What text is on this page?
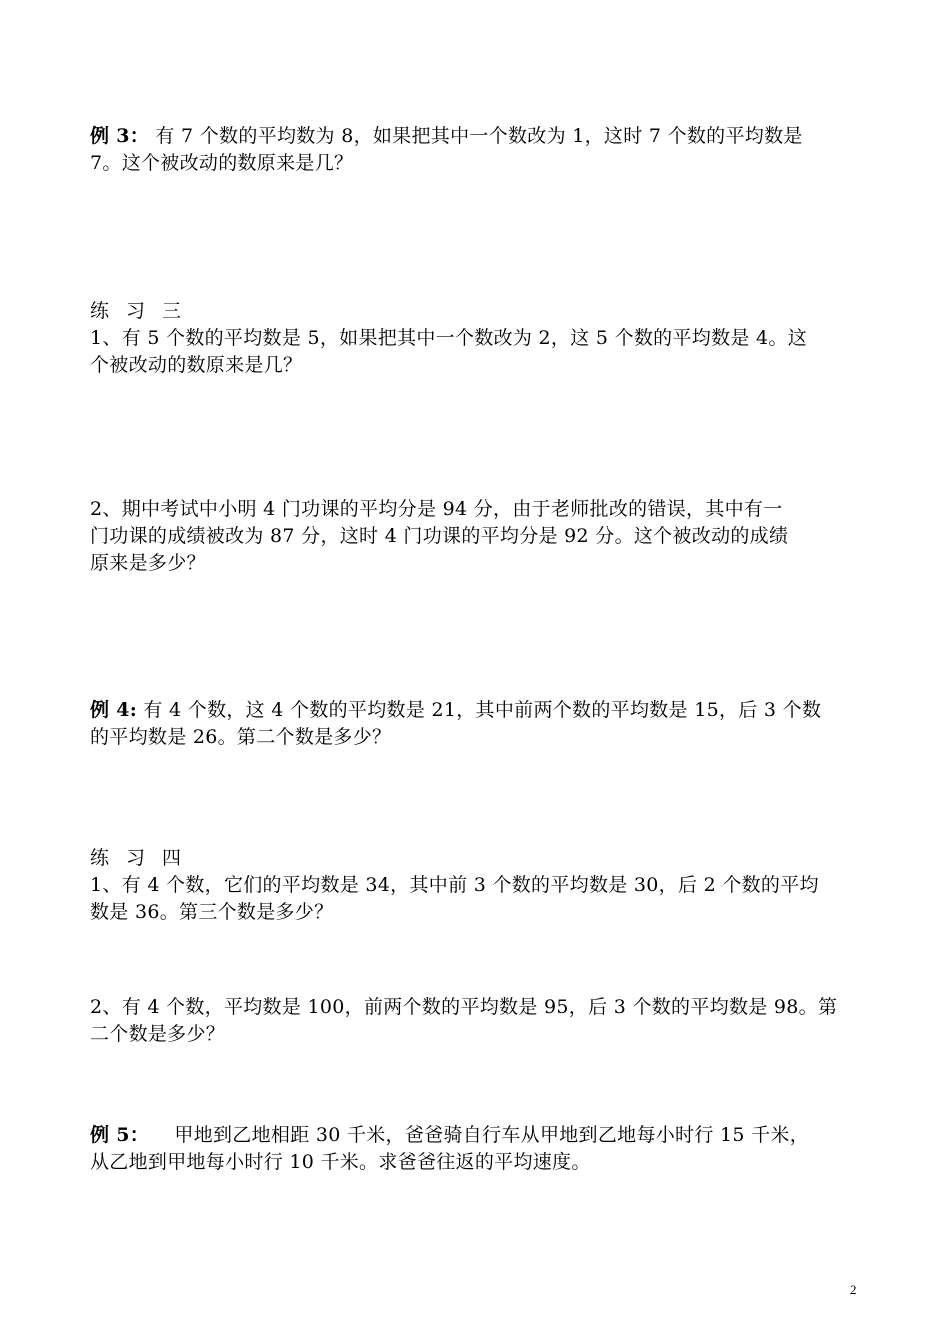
例 3： 有 7 个数的平均数为 8，如果把其中一个数改为 1，这时 7 个数的平均数是
7。这个被改动的数原来是几？
练习三
1、有 5 个数的平均数是 5，如果把其中一个数改为 2，这 5 个数的平均数是 4。这
个被改动的数原来是几？
2、期中考试中小明 4 门功课的平均分是 94 分，由于老师批改的错误，其中有一
门功课的成绩被改为 87 分，这时 4 门功课的平均分是 92 分。这个被改动的成绩
原来是多少？
例 4: 有 4 个数，这 4 个数的平均数是 21，其中前两个数的平均数是 15，后 3 个数
的平均数是 26。第二个数是多少？
练习四
1、有 4 个数，它们的平均数是 34，其中前 3 个数的平均数是 30，后 2 个数的平均
数是 36。第三个数是多少？
2、有 4 个数，平均数是 100，前两个数的平均数是 95，后 3 个数的平均数是 98。第
二个数是多少？
例 5：    甲地到乙地相距 30 千米，爸爸骑自行车从甲地到乙地每小时行 15 千米，
从乙地到甲地每小时行 10 千米。求爸爸往返的平均速度。
2
